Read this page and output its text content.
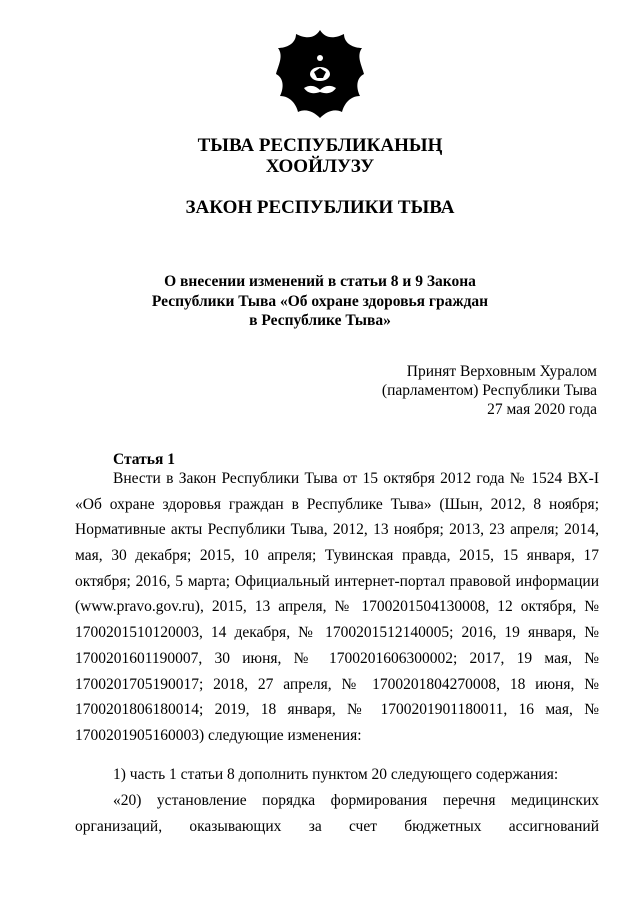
ТЫВА РЕСПУБЛИКАНЫҢ
ХООЙЛУЗУ
ЗАКОН РЕСПУБЛИКИ ТЫВА
О внесении изменений в статьи 8 и 9 Закона
Республики Тыва «Об охране здоровья граждан
в Республике Тыва»
Принят Верховным Хуралом
(парламентом) Республики Тыва
27 мая 2020 года
Статья 1
Внести в Закон Республики Тыва от 15 октября 2012 года № 1524 ВХ-I
«Об охране здоровья граждан в Республике Тыва» (Шын, 2012, 8 ноября;
Нормативные акты Республики Тыва, 2012, 13 ноября; 2013, 23 апреля; 2014,
мая, 30 декабря; 2015, 10 апреля; Тувинская правда, 2015, 15 января, 17
октября; 2016, 5 марта; Официальный интернет-портал правовой информации
(www.pravo.gov.ru), 2015, 13 апреля, № 1700201504130008, 12 октября, №
1700201510120003, 14 декабря, № 1700201512140005; 2016, 19 января, №
1700201601190007, 30 июня, № 1700201606300002; 2017, 19 мая, №
1700201705190017; 2018, 27 апреля, № 1700201804270008, 18 июня, №
1700201806180014; 2019, 18 января, № 1700201901180011, 16 мая, №
1700201905160003) следующие изменения:
1) часть 1 статьи 8 дополнить пунктом 20 следующего содержания:
«20) установление порядка формирования перечня медицинских
организаций, оказывающих за счет бюджетных ассигнований
